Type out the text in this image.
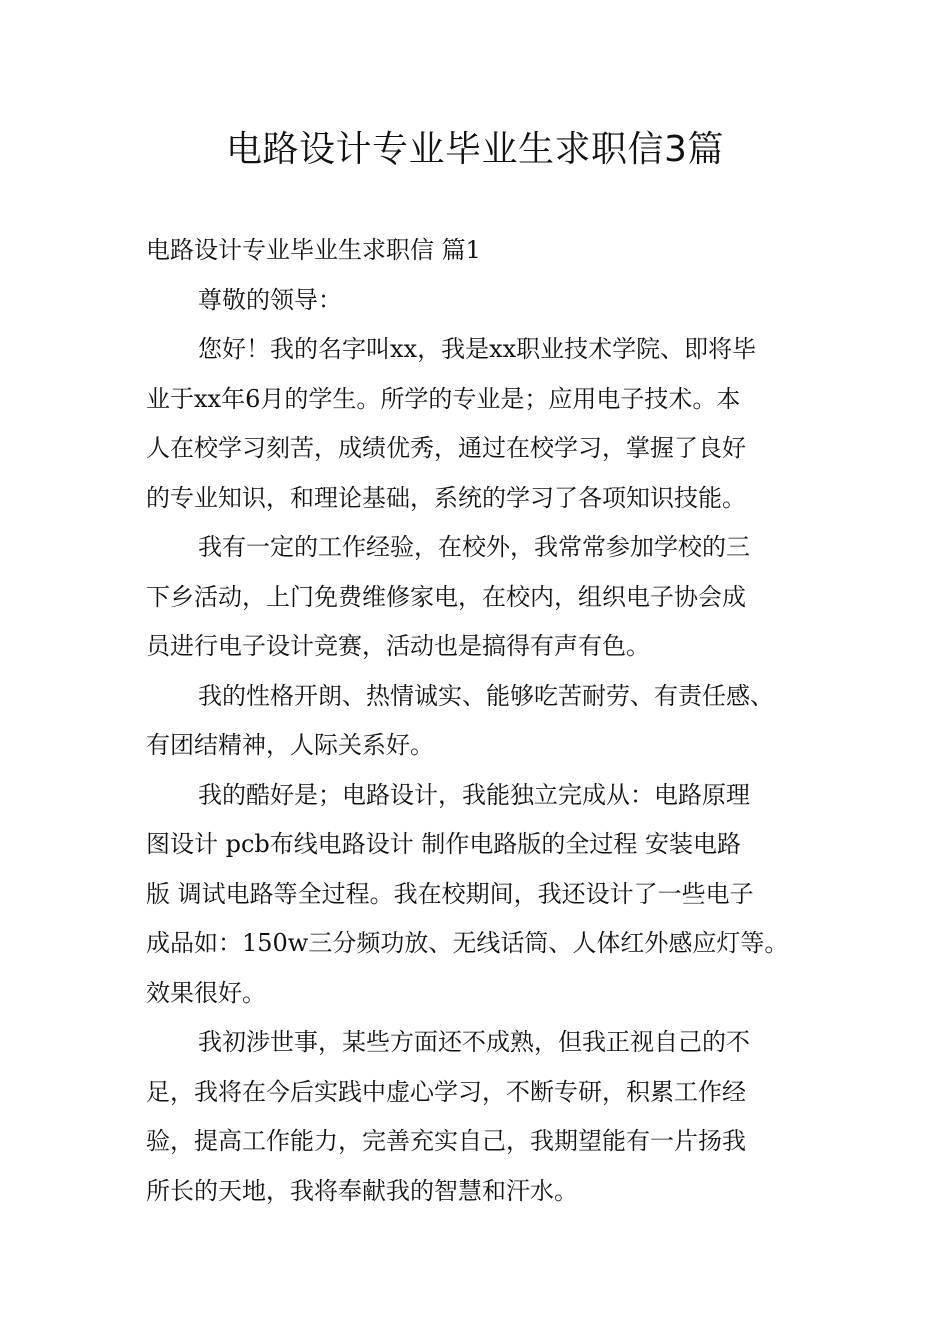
电路设计专业毕业生求职信3篇
电路设计专业毕业生求职信 篇1
尊敬的领导：
您好！我的名字叫xx，我是xx职业技术学院、即将毕
业于xx年6月的学生。所学的专业是；应用电子技术。本
人在校学习刻苦，成绩优秀，通过在校学习，掌握了良好
的专业知识，和理论基础，系统的学习了各项知识技能。
我有一定的工作经验，在校外，我常常参加学校的三
下乡活动，上门免费维修家电，在校内，组织电子协会成
员进行电子设计竞赛，活动也是搞得有声有色。
我的性格开朗、热情诚实、能够吃苦耐劳、有责任感、
有团结精神，人际关系好。
我的酷好是；电路设计，我能独立完成从：电路原理
图设计 pcb布线电路设计 制作电路版的全过程 安装电路
版 调试电路等全过程。我在校期间，我还设计了一些电子
成品如：150w三分频功放、无线话筒、人体红外感应灯等。
效果很好。
我初涉世事，某些方面还不成熟，但我正视自己的不
足，我将在今后实践中虚心学习，不断专研，积累工作经
验，提高工作能力，完善充实自己，我期望能有一片扬我
所长的天地，我将奉献我的智慧和汗水。
